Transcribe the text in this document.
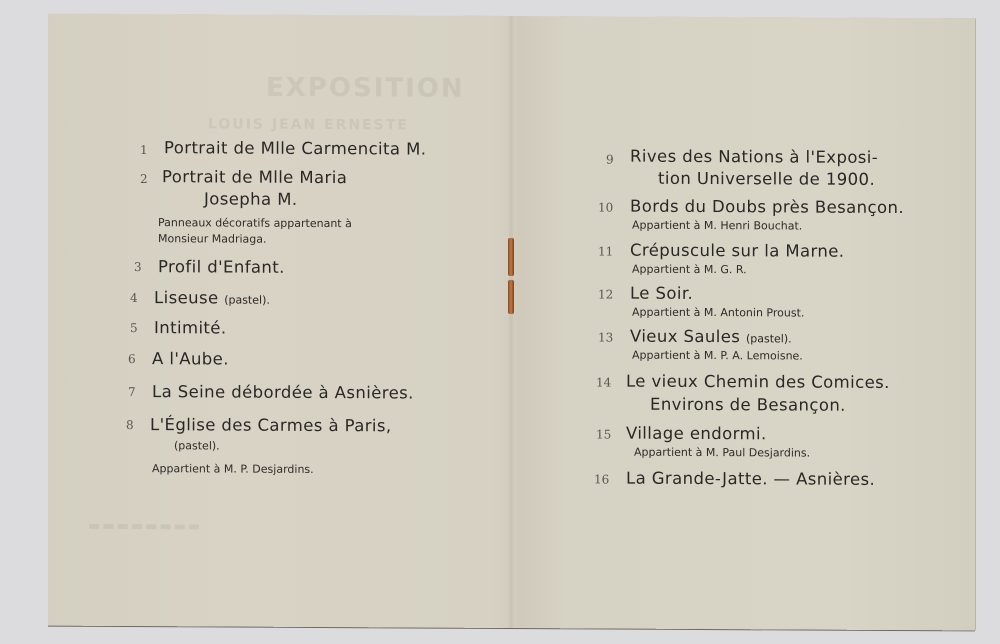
EXPOSITION
LOUIS JEAN ERNESTE
1 Portrait de Mlle Carmencita M.
2 Portrait de Mlle Maria
Josepha M.
Panneaux décoratifs appartenant à
Monsieur Madriaga.
3 Profil d'Enfant.
4 Liseuse (pastel).
5 Intimité.
6 A l'Aube.
7 La Seine débordée à Asnières.
8 L'Église des Carmes à Paris,
(pastel).
Appartient à M. P. Desjardins.
9 Rives des Nations à l'Exposi-
tion Universelle de 1900.
10 Bords du Doubs près Besançon.
Appartient à M. Henri Bouchat.
11 Crépuscule sur la Marne.
Appartient à M. G. R.
12 Le Soir.
Appartient à M. Antonin Proust.
13 Vieux Saules (pastel).
Appartient à M. P. A. Lemoisne.
14 Le vieux Chemin des Comices.
Environs de Besançon.
15 Village endormi.
Appartient à M. Paul Desjardins.
16 La Grande-Jatte. — Asnières.
▬▬▬▬▬▬▬▬
